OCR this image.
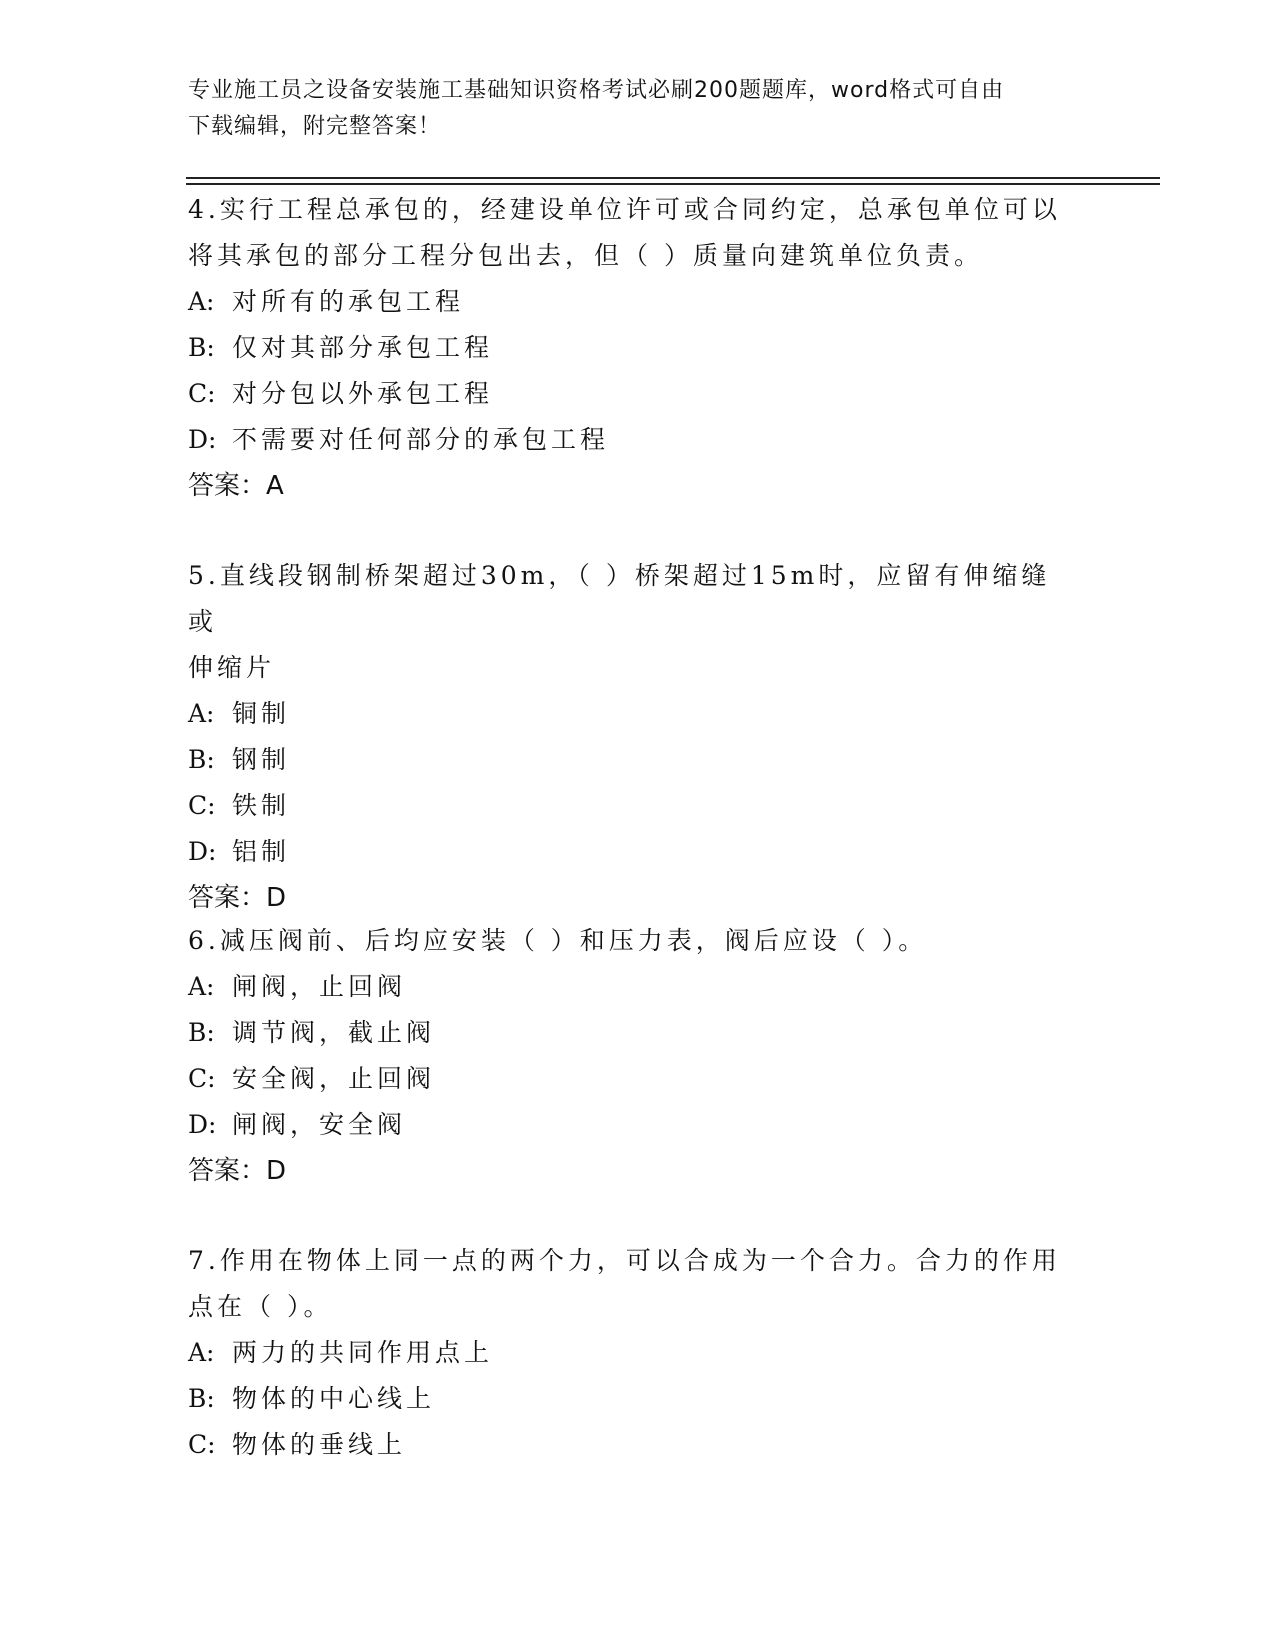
专业施工员之设备安装施工基础知识资格考试必刷200题题库，word格式可自由
下载编辑，附完整答案！

4.实行工程总承包的，经建设单位许可或合同约定，总承包单位可以

将其承包的部分工程分包出去，但（ ）质量向建筑单位负责。

A: 对所有的承包工程

B: 仅对其部分承包工程

C: 对分包以外承包工程

D: 不需要对任何部分的承包工程

答案：A

5.直线段钢制桥架超过30m，（ ）桥架超过15m时，应留有伸缩缝或

伸缩片

A: 铜制

B: 钢制

C: 铁制

D: 铝制

答案：D

6.减压阀前、后均应安装（ ）和压力表，阀后应设（ ）。

A: 闸阀，止回阀

B: 调节阀，截止阀

C: 安全阀，止回阀

D: 闸阀，安全阀

答案：D

7.作用在物体上同一点的两个力，可以合成为一个合力。合力的作用

点在（ ）。

A: 两力的共同作用点上

B: 物体的中心线上

C: 物体的垂线上
